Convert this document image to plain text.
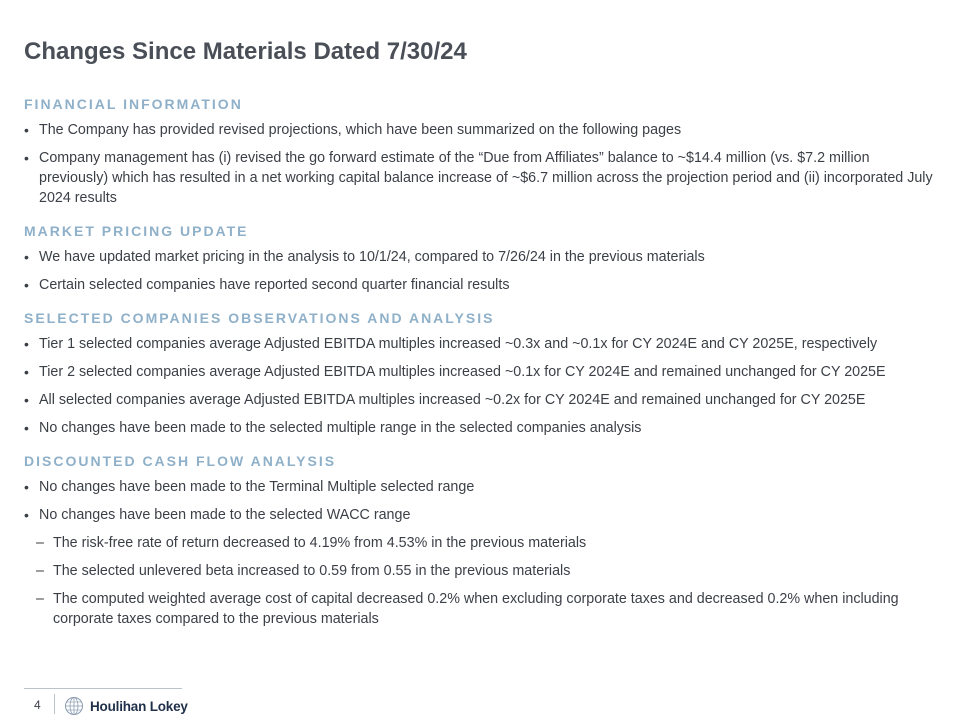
Changes Since Materials Dated 7/30/24
FINANCIAL INFORMATION
• The Company has provided revised projections, which have been summarized on the following pages
• Company management has (i) revised the go forward estimate of the “Due from Affiliates” balance to ~$14.4 million (vs. $7.2 million previously) which has resulted in a net working capital balance increase of ~$6.7 million across the projection period and (ii) incorporated July 2024 results
MARKET PRICING UPDATE
• We have updated market pricing in the analysis to 10/1/24, compared to 7/26/24 in the previous materials
• Certain selected companies have reported second quarter financial results
SELECTED COMPANIES OBSERVATIONS AND ANALYSIS
• Tier 1 selected companies average Adjusted EBITDA multiples increased ~0.3x and ~0.1x for CY 2024E and CY 2025E, respectively
• Tier 2 selected companies average Adjusted EBITDA multiples increased ~0.1x for CY 2024E and remained unchanged for CY 2025E
• All selected companies average Adjusted EBITDA multiples increased ~0.2x for CY 2024E and remained unchanged for CY 2025E
• No changes have been made to the selected multiple range in the selected companies analysis
DISCOUNTED CASH FLOW ANALYSIS
• No changes have been made to the Terminal Multiple selected range
• No changes have been made to the selected WACC range
– The risk-free rate of return decreased to 4.19% from 4.53% in the previous materials
– The selected unlevered beta increased to 0.59 from 0.55 in the previous materials
– The computed weighted average cost of capital decreased 0.2% when excluding corporate taxes and decreased 0.2% when including corporate taxes compared to the previous materials
4	Houlihan Lokey
